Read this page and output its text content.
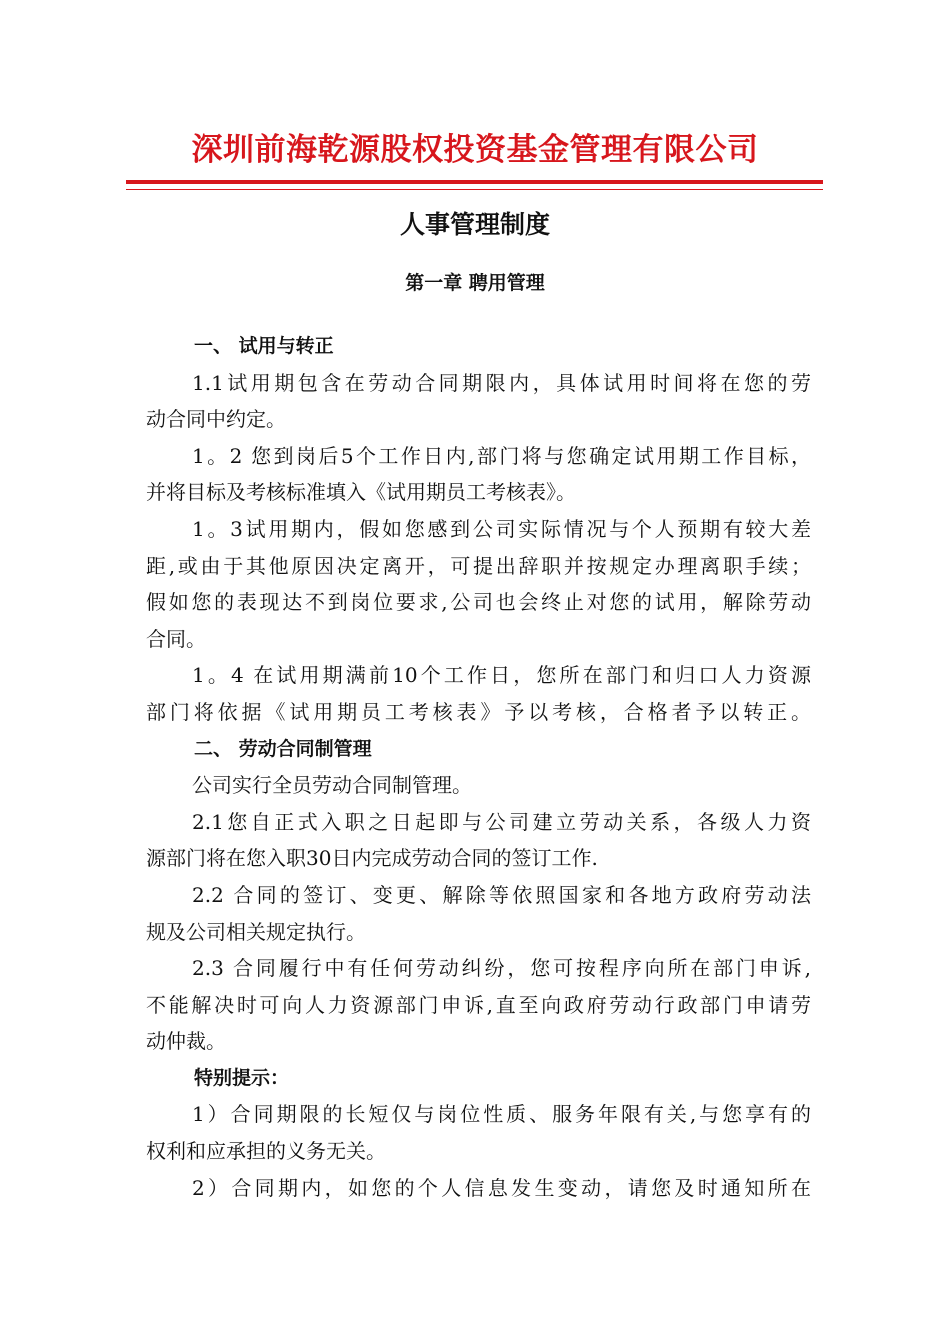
深圳前海乾源股权投资基金管理有限公司
人事管理制度
第一章 聘用管理
一、 试用与转正
1.1试用期包含在劳动合同期限内，具体试用时间将在您的劳
动合同中约定。
1。2 您到岗后5个工作日内,部门将与您确定试用期工作目标，
并将目标及考核标准填入《试用期员工考核表》。
1。3试用期内，假如您感到公司实际情况与个人预期有较大差
距,或由于其他原因决定离开，可提出辞职并按规定办理离职手续；
假如您的表现达不到岗位要求,公司也会终止对您的试用，解除劳动
合同。
1。4 在试用期满前10个工作日，您所在部门和归口人力资源
部门将依据《试用期员工考核表》予以考核，合格者予以转正。
二、 劳动合同制管理
公司实行全员劳动合同制管理。
2.1您自正式入职之日起即与公司建立劳动关系，各级人力资
源部门将在您入职30日内完成劳动合同的签订工作.
2.2 合同的签订、变更、解除等依照国家和各地方政府劳动法
规及公司相关规定执行。
2.3 合同履行中有任何劳动纠纷，您可按程序向所在部门申诉,
不能解决时可向人力资源部门申诉,直至向政府劳动行政部门申请劳
动仲裁。
特别提示：
1）合同期限的长短仅与岗位性质、服务年限有关,与您享有的
权利和应承担的义务无关。
2）合同期内，如您的个人信息发生变动，请您及时通知所在
